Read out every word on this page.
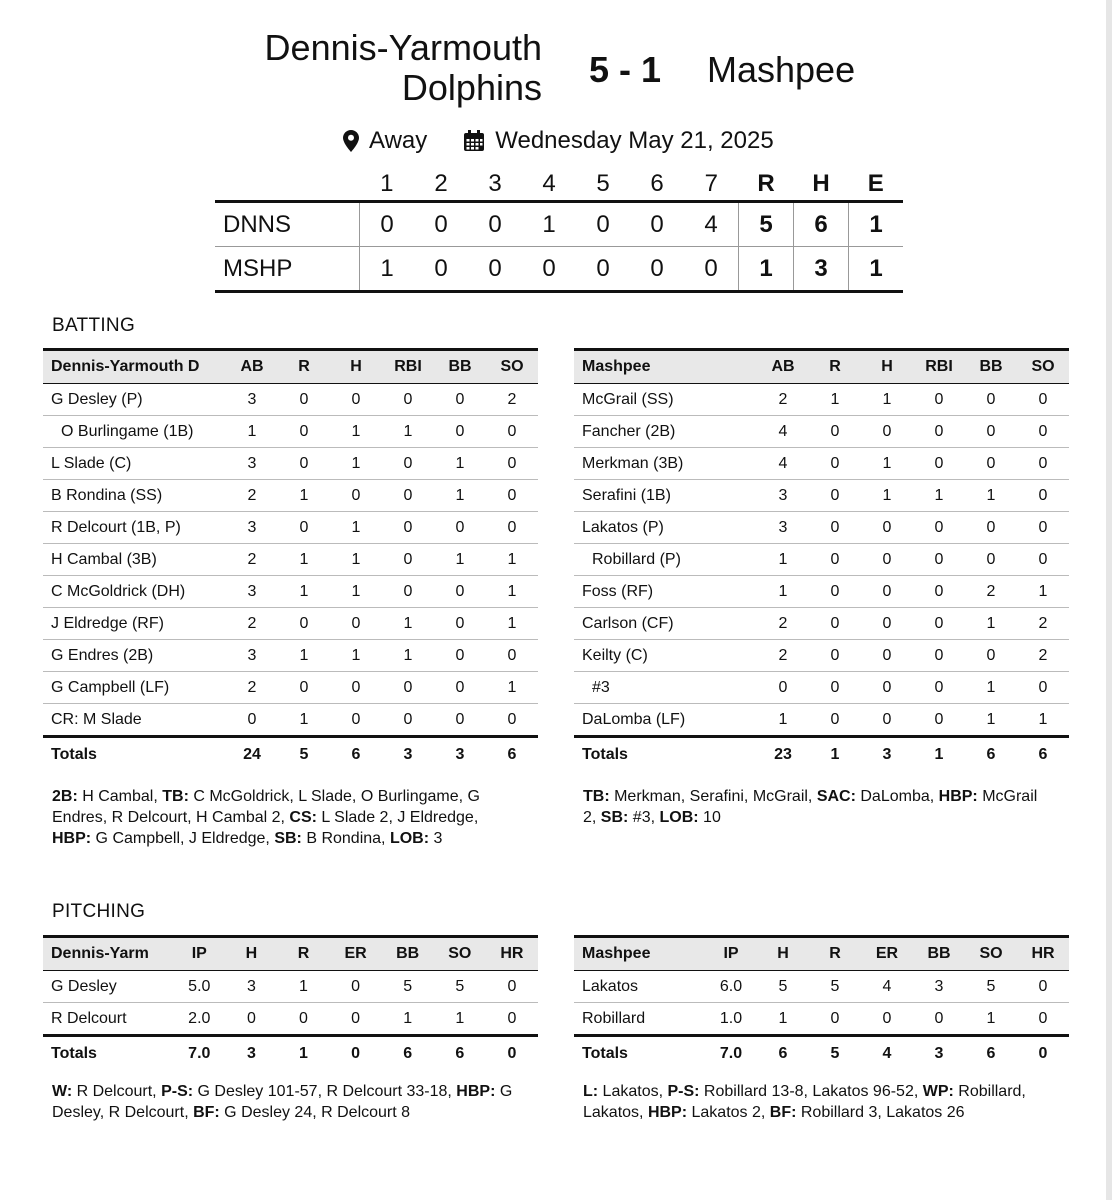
Dennis-Yarmouth
Dolphins	5 - 1	Mashpee
Away	Wednesday May 21, 2025
	1	2	3	4	5	6	7	R	H	E
DNNS	0	0	0	1	0	0	4	5	6	1
MSHP	1	0	0	0	0	0	0	1	3	1
BATTING
Dennis-Yarmouth D	AB	R	H	RBI	BB	SO
G Desley (P)	3	0	0	0	0	2
O Burlingame (1B)	1	0	1	1	0	0
L Slade (C)	3	0	1	0	1	0
B Rondina (SS)	2	1	0	0	1	0
R Delcourt (1B, P)	3	0	1	0	0	0
H Cambal (3B)	2	1	1	0	1	1
C McGoldrick (DH)	3	1	1	0	0	1
J Eldredge (RF)	2	0	0	1	0	1
G Endres (2B)	3	1	1	1	0	0
G Campbell (LF)	2	0	0	0	0	1
CR: M Slade	0	1	0	0	0	0
Totals	24	5	6	3	3	6
Mashpee	AB	R	H	RBI	BB	SO
McGrail (SS)	2	1	1	0	0	0
Fancher (2B)	4	0	0	0	0	0
Merkman (3B)	4	0	1	0	0	0
Serafini (1B)	3	0	1	1	1	0
Lakatos (P)	3	0	0	0	0	0
Robillard (P)	1	0	0	0	0	0
Foss (RF)	1	0	0	0	2	1
Carlson (CF)	2	0	0	0	1	2
Keilty (C)	2	0	0	0	0	2
#3	0	0	0	0	1	0
DaLomba (LF)	1	0	0	0	1	1
Totals	23	1	3	1	6	6
2B: H Cambal, TB: C McGoldrick, L Slade, O Burlingame, G Endres, R Delcourt, H Cambal 2, CS: L Slade 2, J Eldredge, HBP: G Campbell, J Eldredge, SB: B Rondina, LOB: 3
TB: Merkman, Serafini, McGrail, SAC: DaLomba, HBP: McGrail 2, SB: #3, LOB: 10
PITCHING
Dennis-Yarm	IP	H	R	ER	BB	SO	HR
G Desley	5.0	3	1	0	5	5	0
R Delcourt	2.0	0	0	0	1	1	0
Totals	7.0	3	1	0	6	6	0
Mashpee	IP	H	R	ER	BB	SO	HR
Lakatos	6.0	5	5	4	3	5	0
Robillard	1.0	1	0	0	0	1	0
Totals	7.0	6	5	4	3	6	0
W: R Delcourt, P-S: G Desley 101-57, R Delcourt 33-18, HBP: G Desley, R Delcourt, BF: G Desley 24, R Delcourt 8
L: Lakatos, P-S: Robillard 13-8, Lakatos 96-52, WP: Robillard, Lakatos, HBP: Lakatos 2, BF: Robillard 3, Lakatos 26
